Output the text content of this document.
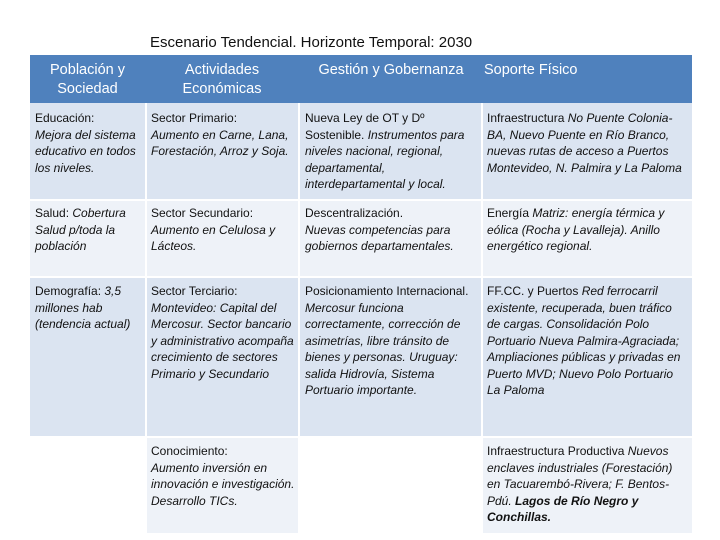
Escenario Tendencial. Horizonte Temporal: 2030
Población y
Sociedad
Actividades
Económicas
Gestión y Gobernanza	Soporte Físico
Educación:
Mejora del sistema educativo en todos los niveles.
Sector Primario:
Aumento en Carne, Lana, Forestación, Arroz y Soja.
Nueva Ley de OT y Dº Sostenible. Instrumentos para niveles nacional, regional, departamental, interdepartamental y local.
Infraestructura No Puente Colonia-BA, Nuevo Puente en Río Branco, nuevas rutas de acceso a Puertos Montevideo, N. Palmira y La Paloma
Salud: Cobertura Salud p/toda la población
Sector Secundario:
Aumento en Celulosa y Lácteos.
Descentralización.
Nuevas competencias para gobiernos departamentales.
Energía Matriz: energía térmica y eólica (Rocha y Lavalleja). Anillo energético regional.
Demografía: 3,5 millones hab (tendencia actual)
Sector Terciario:
Montevideo: Capital del Mercosur. Sector bancario y administrativo acompaña crecimiento de sectores Primario y Secundario
Posicionamiento Internacional.
Mercosur funciona correctamente, corrección de asimetrías, libre tránsito de bienes y personas. Uruguay: salida Hidrovía, Sistema Portuario importante.
FF.CC. y Puertos Red ferrocarril existente, recuperada, buen tráfico de cargas. Consolidación Polo Portuario Nueva Palmira-Agraciada; Ampliaciones públicas y privadas en Puerto MVD; Nuevo Polo Portuario La Paloma
Conocimiento:
Aumento inversión en innovación e investigación. Desarrollo TICs.
Infraestructura Productiva Nuevos enclaves industriales (Forestación) en Tacuarembó-Rivera; F. Bentos-Pdú. Lagos de Río Negro y Conchillas.
